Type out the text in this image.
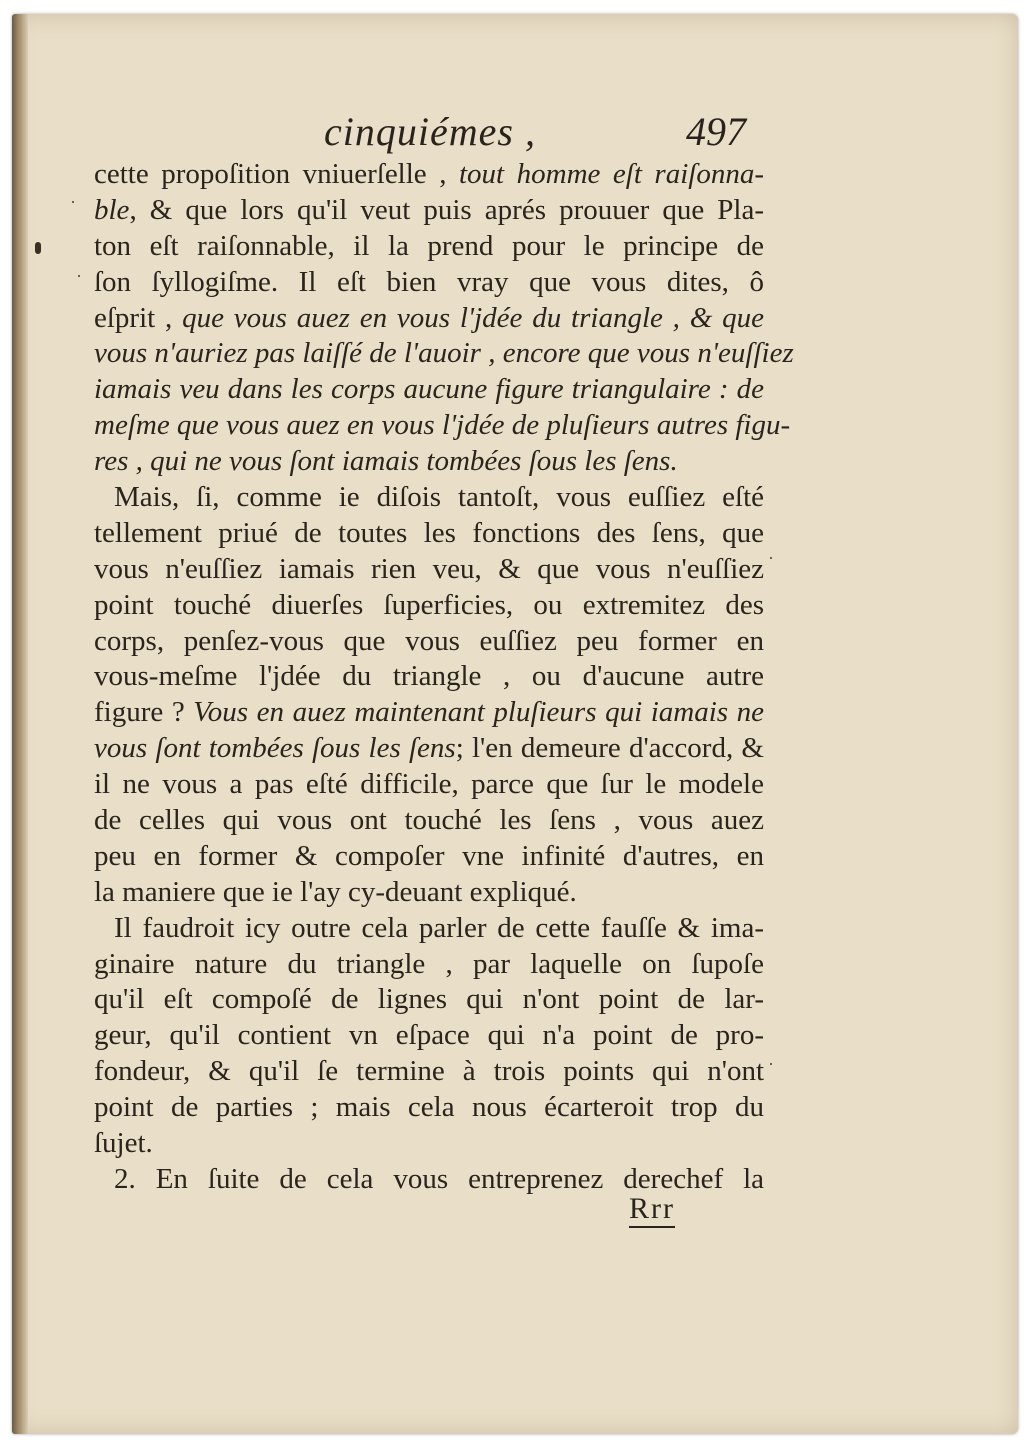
cinquiémes ,	497
cette propoſition vniuerſelle , tout homme eſt raiſonna-
ble, & que lors qu'il veut puis aprés prouuer que Pla-
ton eſt raiſonnable, il la prend pour le principe de
ſon ſyllogiſme. Il eſt bien vray que vous dites, ô
eſprit , que vous auez en vous l'jdée du triangle , & que
vous n'auriez pas laiſſé de l'auoir , encore que vous n'euſſiez
iamais veu dans les corps aucune figure triangulaire : de
meſme que vous auez en vous l'jdée de pluſieurs autres figu-
res , qui ne vous ſont iamais tombées ſous les ſens.
Mais, ſi, comme ie diſois tantoſt, vous euſſiez eſté
tellement priué de toutes les fonctions des ſens, que
vous n'euſſiez iamais rien veu, & que vous n'euſſiez
point touché diuerſes ſuperficies, ou extremitez des
corps, penſez-vous que vous euſſiez peu former en
vous-meſme l'jdée du triangle , ou d'aucune autre
figure ? Vous en auez maintenant pluſieurs qui iamais ne
vous ſont tombées ſous les ſens; l'en demeure d'accord, &
il ne vous a pas eſté difficile, parce que ſur le modele
de celles qui vous ont touché les ſens , vous auez
peu en former & compoſer vne infinité d'autres, en
la maniere que ie l'ay cy-deuant expliqué.
Il faudroit icy outre cela parler de cette fauſſe & ima-
ginaire nature du triangle , par laquelle on ſupoſe
qu'il eſt compoſé de lignes qui n'ont point de lar-
geur, qu'il contient vn eſpace qui n'a point de pro-
fondeur, & qu'il ſe termine à trois points qui n'ont
point de parties ; mais cela nous écarteroit trop du
ſujet.
2. En ſuite de cela vous entreprenez derechef la
Rrr
·
·
·
·
